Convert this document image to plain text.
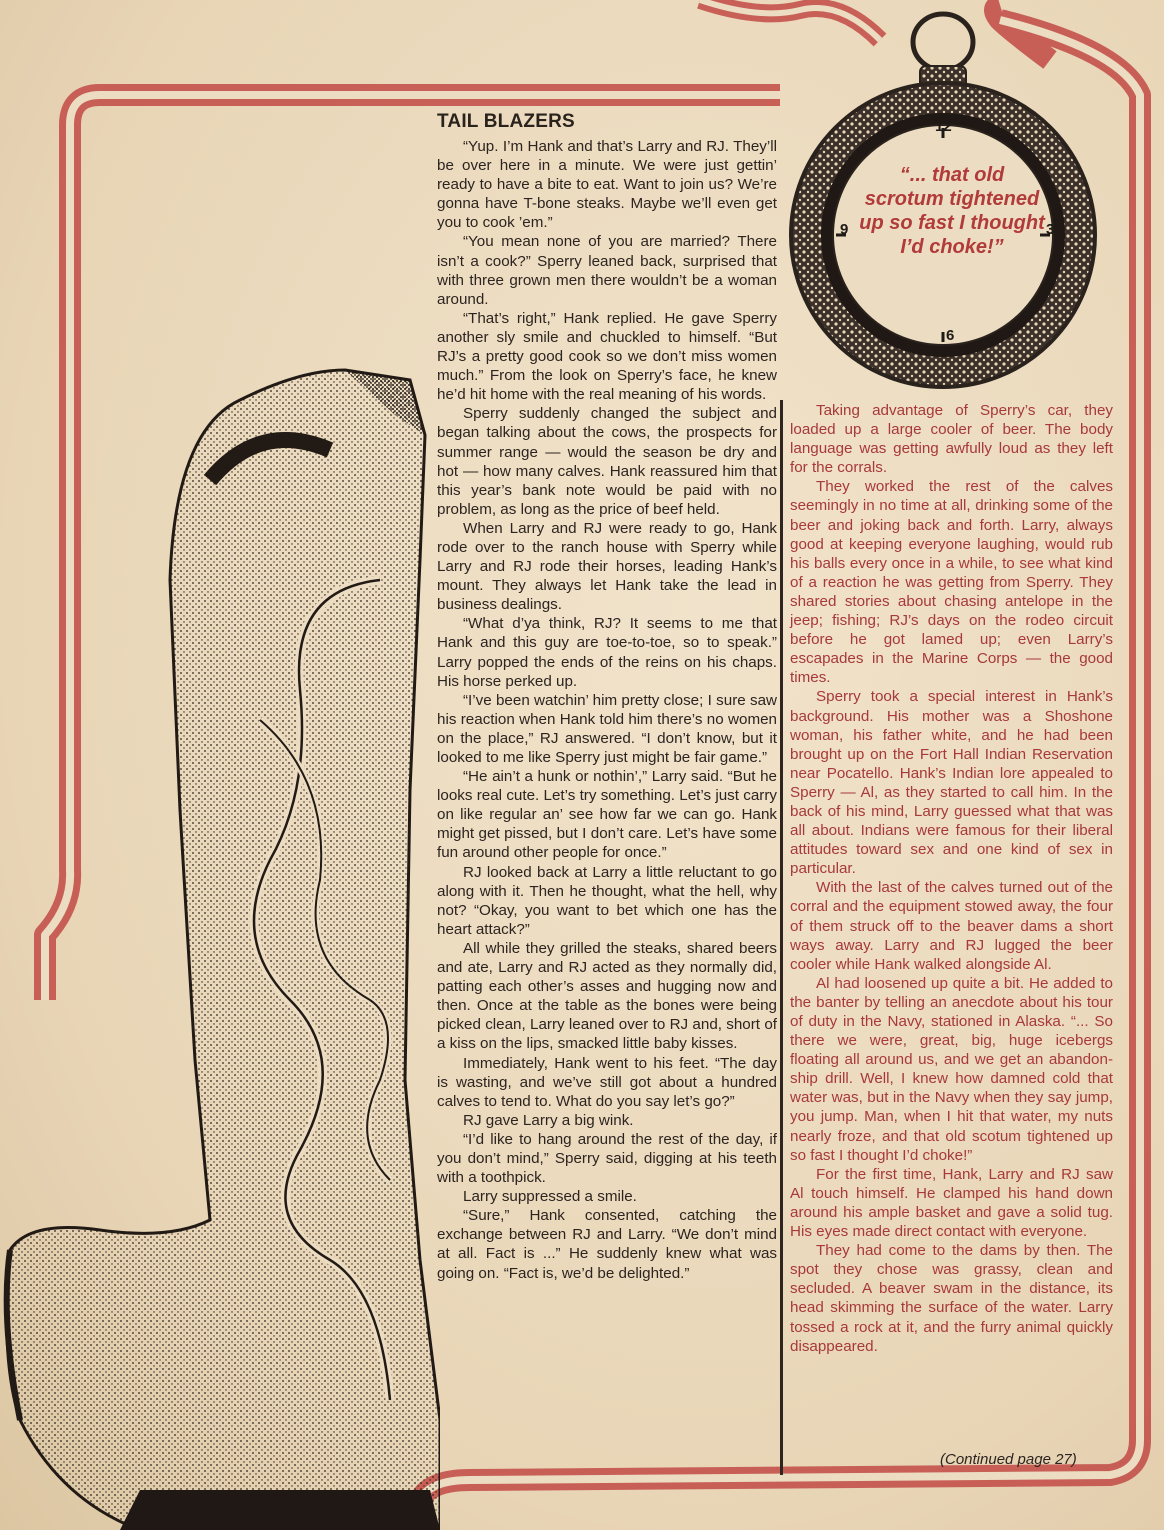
12
3
6
9

“... that old scrotum tightened up so fast I thought I’d choke!”

TAIL BLAZERS

“Yup. I’m Hank and that’s Larry and RJ. They’ll be over here in a minute. We were just gettin’ ready to have a bite to eat. Want to join us? We’re gonna have T-bone steaks. Maybe we’ll even get you to cook ’em.”

“You mean none of you are married? There isn’t a cook?” Sperry leaned back, surprised that with three grown men there wouldn’t be a woman around.

“That’s right,” Hank replied. He gave Sperry another sly smile and chuckled to himself. “But RJ’s a pretty good cook so we don’t miss women much.” From the look on Sperry’s face, he knew he’d hit home with the real meaning of his words.

Sperry suddenly changed the subject and began talking about the cows, the prospects for summer range — would the season be dry and hot — how many calves. Hank reassured him that this year’s bank note would be paid with no problem, as long as the price of beef held.

When Larry and RJ were ready to go, Hank rode over to the ranch house with Sperry while Larry and RJ rode their horses, leading Hank’s mount. They always let Hank take the lead in business dealings.

“What d’ya think, RJ? It seems to me that Hank and this guy are toe-to-toe, so to speak.” Larry popped the ends of the reins on his chaps. His horse perked up.

“I’ve been watchin’ him pretty close; I sure saw his reaction when Hank told him there’s no women on the place,” RJ answered. “I don’t know, but it looked to me like Sperry just might be fair game.”

“He ain’t a hunk or nothin’,” Larry said. “But he looks real cute. Let’s try something. Let’s just carry on like regular an’ see how far we can go. Hank might get pissed, but I don’t care. Let’s have some fun around other people for once.”

RJ looked back at Larry a little reluctant to go along with it. Then he thought, what the hell, why not? “Okay, you want to bet which one has the heart attack?”

All while they grilled the steaks, shared beers and ate, Larry and RJ acted as they normally did, patting each other’s asses and hugging now and then. Once at the table as the bones were being picked clean, Larry leaned over to RJ and, short of a kiss on the lips, smacked little baby kisses.

Immediately, Hank went to his feet. “The day is wasting, and we’ve still got about a hundred calves to tend to. What do you say let’s go?”

RJ gave Larry a big wink.

“I’d like to hang around the rest of the day, if you don’t mind,” Sperry said, digging at his teeth with a toothpick.

Larry suppressed a smile.

“Sure,” Hank consented, catching the exchange between RJ and Larry. “We don’t mind at all. Fact is ...” He suddenly knew what was going on. “Fact is, we’d be delighted.”

Taking advantage of Sperry’s car, they loaded up a large cooler of beer. The body language was getting awfully loud as they left for the corrals.

They worked the rest of the calves seemingly in no time at all, drinking some of the beer and joking back and forth. Larry, always good at keeping everyone laughing, would rub his balls every once in a while, to see what kind of a reaction he was getting from Sperry. They shared stories about chasing antelope in the jeep; fishing; RJ’s days on the rodeo circuit before he got lamed up; even Larry’s escapades in the Marine Corps — the good times.

Sperry took a special interest in Hank’s background. His mother was a Shoshone woman, his father white, and he had been brought up on the Fort Hall Indian Reservation near Pocatello. Hank’s Indian lore appealed to Sperry — Al, as they started to call him. In the back of his mind, Larry guessed what that was all about. Indians were famous for their liberal attitudes toward sex and one kind of sex in particular.

With the last of the calves turned out of the corral and the equipment stowed away, the four of them struck off to the beaver dams a short ways away. Larry and RJ lugged the beer cooler while Hank walked alongside Al.

Al had loosened up quite a bit. He added to the banter by telling an anecdote about his tour of duty in the Navy, stationed in Alaska. “... So there we were, great, big, huge icebergs floating all around us, and we get an abandon-ship drill. Well, I knew how damned cold that water was, but in the Navy when they say jump, you jump. Man, when I hit that water, my nuts nearly froze, and that old scotum tightened up so fast I thought I’d choke!”

For the first time, Hank, Larry and RJ saw Al touch himself. He clamped his hand down around his ample basket and gave a solid tug. His eyes made direct contact with everyone.

They had come to the dams by then. The spot they chose was grassy, clean and secluded. A beaver swam in the distance, its head skimming the surface of the water. Larry tossed a rock at it, and the furry animal quickly disappeared.

(Continued page 27)
